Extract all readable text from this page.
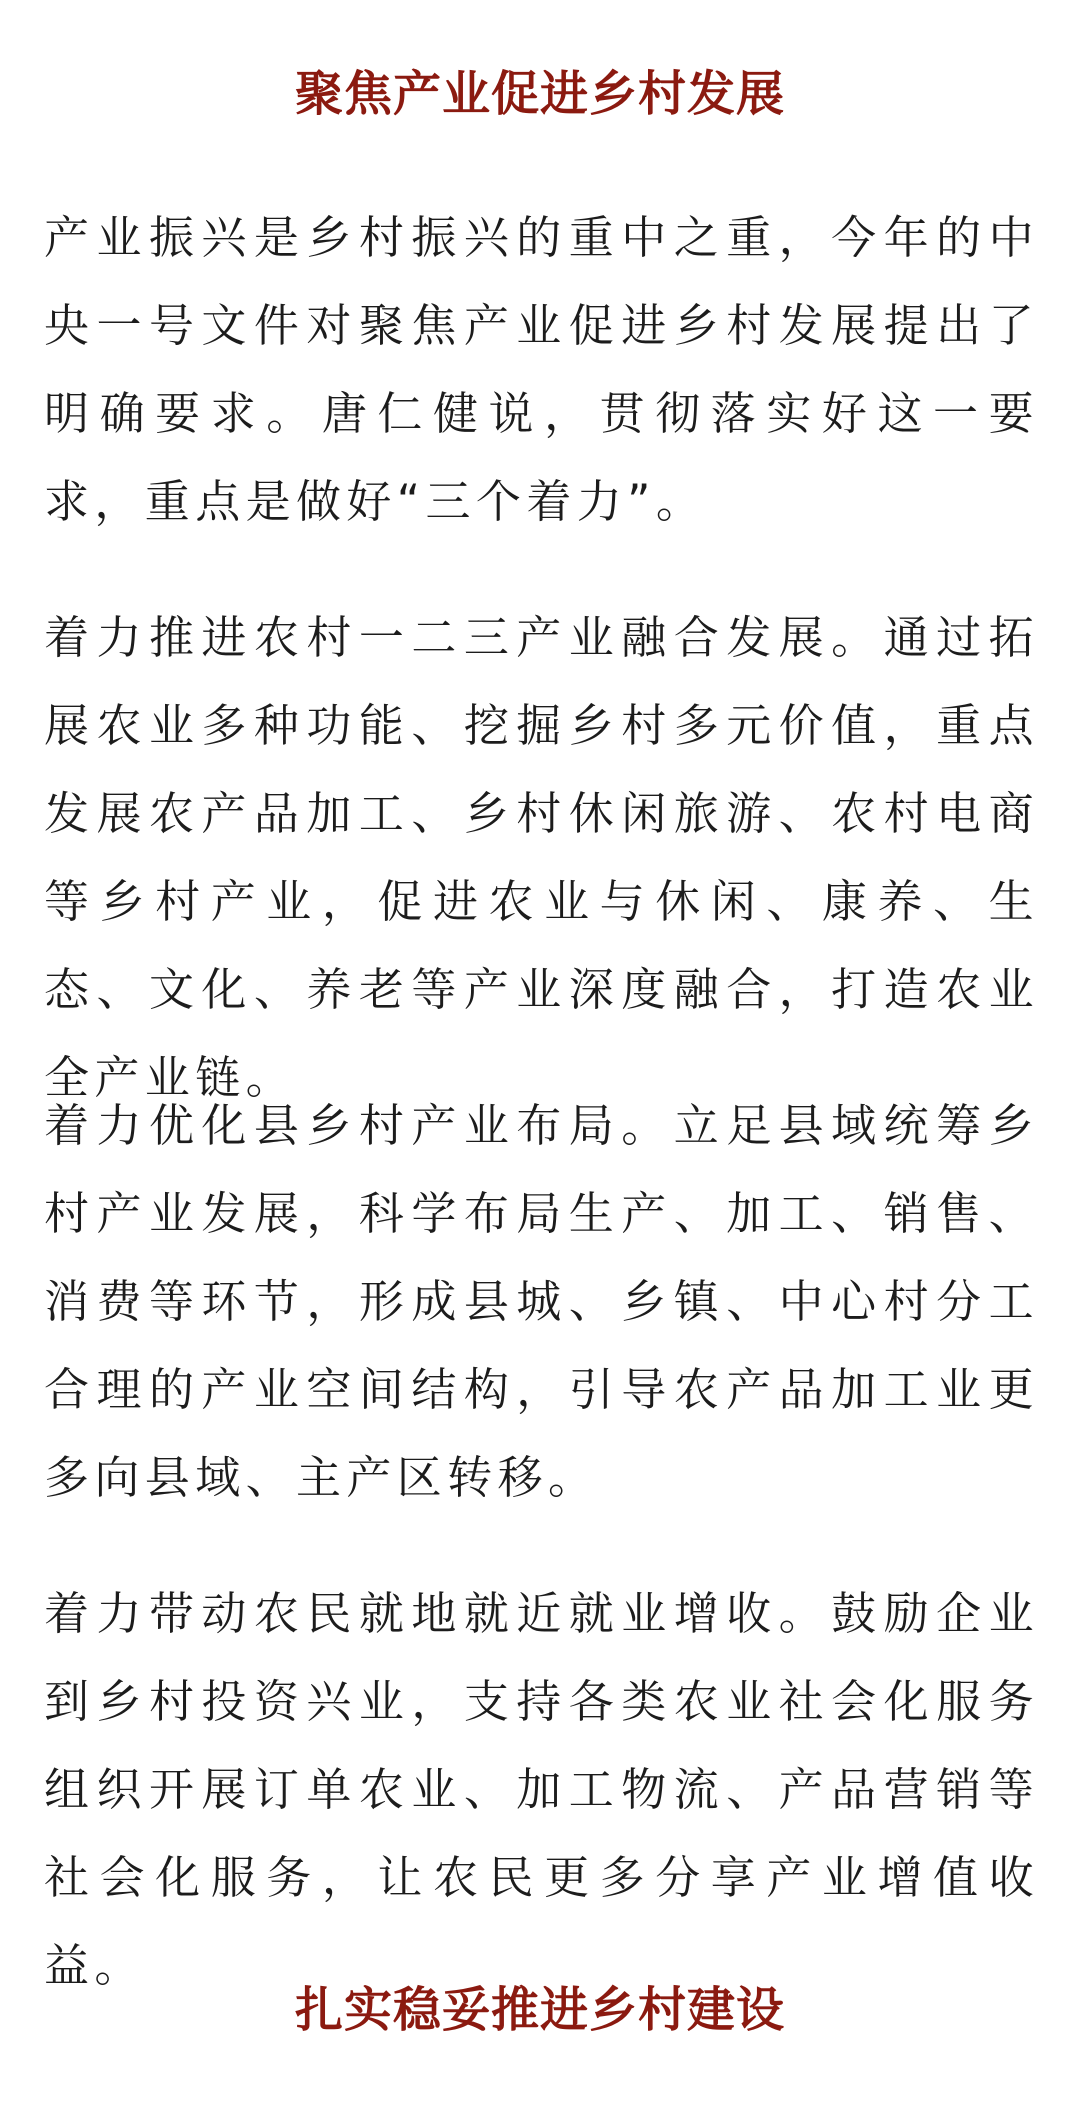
聚焦产业促进乡村发展

产业振兴是乡村振兴的重中之重，今年的中央一号文件对聚焦产业促进乡村发展提出了明确要求。唐仁健说，贯彻落实好这一要求，重点是做好“三个着力”。

着力推进农村一二三产业融合发展。通过拓展农业多种功能、挖掘乡村多元价值，重点发展农产品加工、乡村休闲旅游、农村电商等乡村产业，促进农业与休闲、康养、生态、文化、养老等产业深度融合，打造农业全产业链。

着力优化县乡村产业布局。立足县域统筹乡村产业发展，科学布局生产、加工、销售、消费等环节，形成县城、乡镇、中心村分工合理的产业空间结构，引导农产品加工业更多向县域、主产区转移。

着力带动农民就地就近就业增收。鼓励企业到乡村投资兴业，支持各类农业社会化服务组织开展订单农业、加工物流、产品营销等社会化服务，让农民更多分享产业增值收益。

扎实稳妥推进乡村建设
